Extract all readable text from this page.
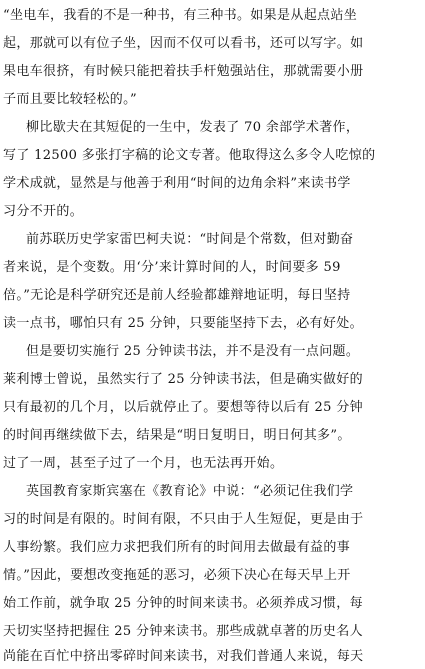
“坐电车，我看的不是一种书，有三种书。如果是从起点站坐
起，那就可以有位子坐，因而不仅可以看书，还可以写字。如
果电车很挤，有时候只能把着扶手杆勉强站住，那就需要小册
子而且要比较轻松的。”
柳比歇夫在其短促的一生中，发表了 70 余部学术著作，
写了 12500 多张打字稿的论文专著。他取得这么多令人吃惊的
学术成就，显然是与他善于利用“时间的边角余料”来读书学
习分不开的。
前苏联历史学家雷巴柯夫说：“时间是个常数，但对勤奋
者来说，是个变数。用‘分’来计算时间的人，时间要多 59
倍。”无论是科学研究还是前人经验都雄辩地证明，每日坚持
读一点书，哪怕只有 25 分钟，只要能坚持下去，必有好处。
但是要切实施行 25 分钟读书法，并不是没有一点问题。
莱利博士曾说，虽然实行了 25 分钟读书法，但是确实做好的
只有最初的几个月，以后就停止了。要想等待以后有 25 分钟
的时间再继续做下去，结果是“明日复明日，明日何其多”。
过了一周，甚至子过了一个月，也无法再开始。
英国教育家斯宾塞在《教育论》中说：“必须记住我们学
习的时间是有限的。时间有限，不只由于人生短促，更是由于
人事纷繁。我们应力求把我们所有的时间用去做最有益的事
情。”因此，要想改变拖延的恶习，必须下决心在每天早上开
始工作前，就争取 25 分钟的时间来读书。必须养成习惯，每
天切实坚持把握住 25 分钟来读书。那些成就卓著的历史名人
尚能在百忙中挤出零碎时间来读书，对我们普通人来说，每天
